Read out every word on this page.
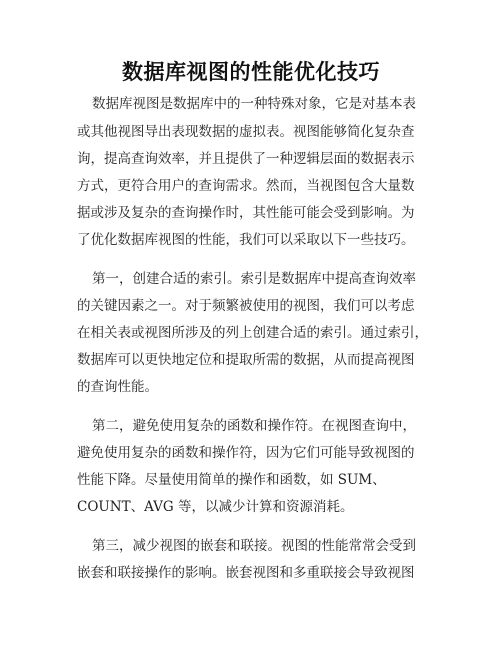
数据库视图的性能优化技巧
数据库视图是数据库中的一种特殊对象，它是对基本表
或其他视图导出表现数据的虚拟表。视图能够简化复杂查
询，提高查询效率，并且提供了一种逻辑层面的数据表示
方式，更符合用户的查询需求。然而，当视图包含大量数
据或涉及复杂的查询操作时，其性能可能会受到影响。为
了优化数据库视图的性能，我们可以采取以下一些技巧。
第一，创建合适的索引。索引是数据库中提高查询效率
的关键因素之一。对于频繁被使用的视图，我们可以考虑
在相关表或视图所涉及的列上创建合适的索引。通过索引，
数据库可以更快地定位和提取所需的数据，从而提高视图
的查询性能。
第二，避免使用复杂的函数和操作符。在视图查询中，
避免使用复杂的函数和操作符，因为它们可能导致视图的
性能下降。尽量使用简单的操作和函数，如 SUM、
COUNT、AVG 等，以减少计算和资源消耗。
第三，减少视图的嵌套和联接。视图的性能常常会受到
嵌套和联接操作的影响。嵌套视图和多重联接会导致视图
